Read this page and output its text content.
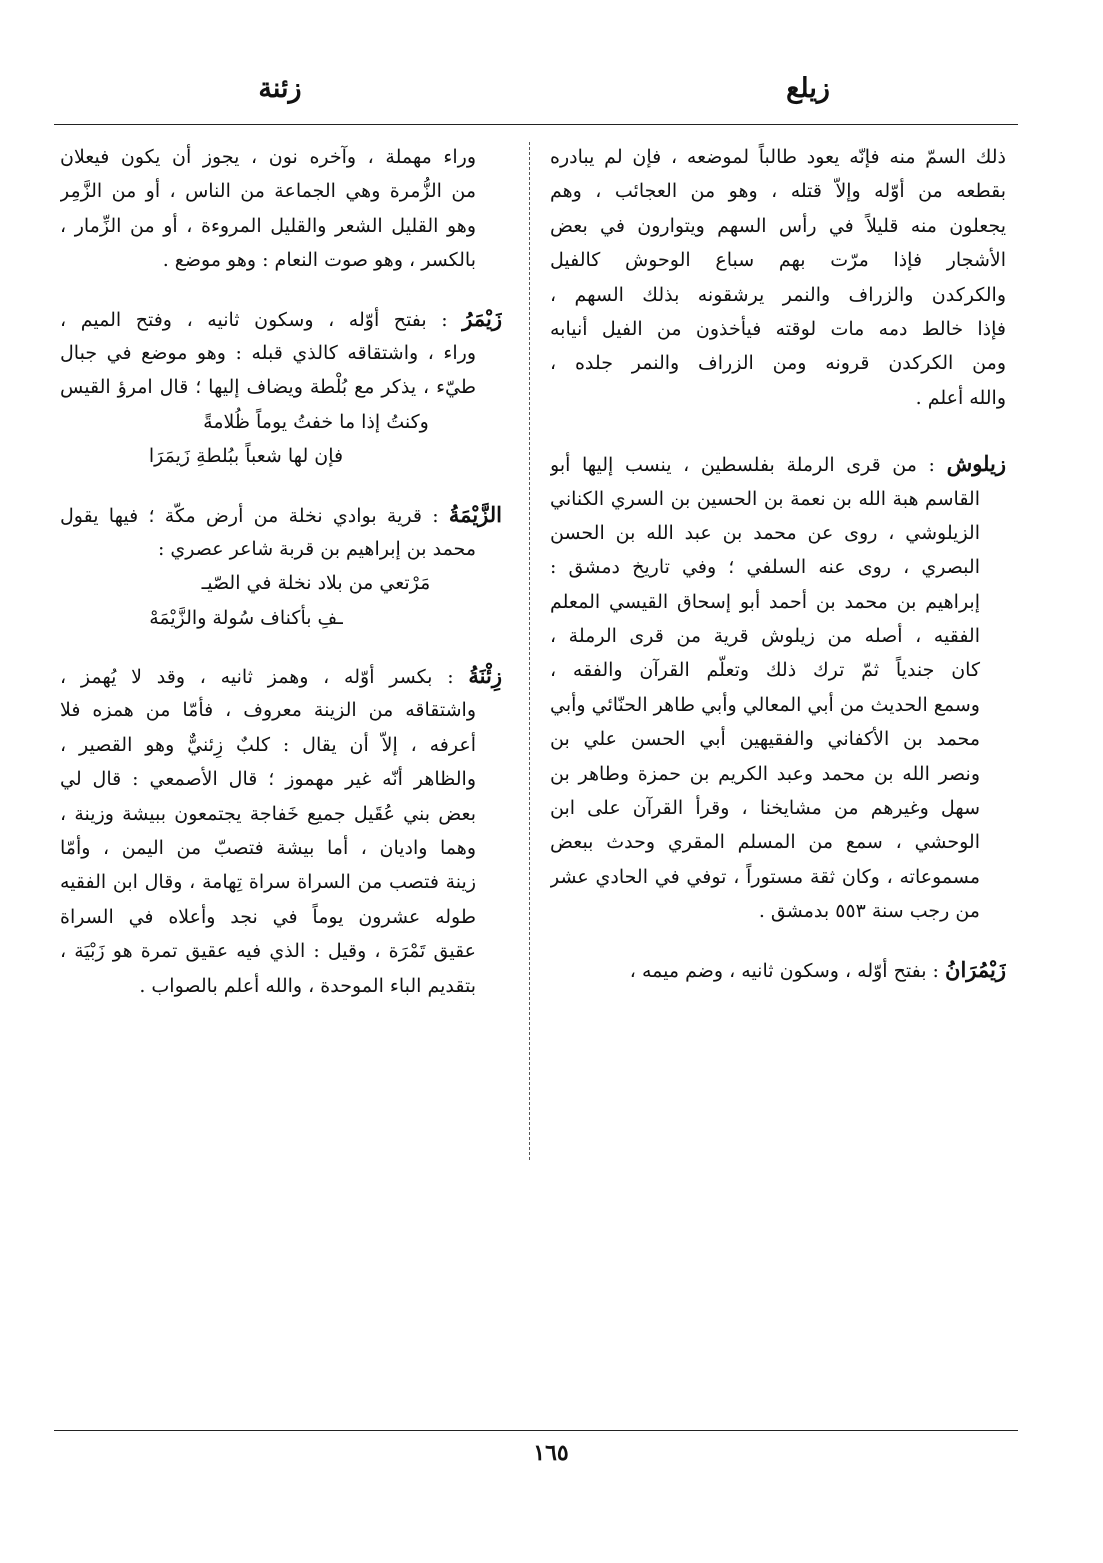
زيلع
زئنة
ذلك السمّ منه فإنّه يعود طالباً لموضعه ، فإن لم يبادره
بقطعه من أوّله وإلاّ قتله ، وهو من العجائب ، وهم
يجعلون منه قليلاً في رأس السهم ويتوارون في بعض
الأشجار فإذا مرّت بهم سباع الوحوش كالفيل
والكركدن والزراف والنمر يرشقونه بذلك السهم ،
فإذا خالط دمه مات لوقته فيأخذون من الفيل أنيابه
ومن الكركدن قرونه ومن الزراف والنمر جلده ،
والله أعلم .
زيلوش : من قرى الرملة بفلسطين ، ينسب إليها أبو
القاسم هبة الله بن نعمة بن الحسين بن السري الكناني
الزيلوشي ، روى عن محمد بن عبد الله بن الحسن
البصري ، روى عنه السلفي ؛ وفي تاريخ دمشق :
إبراهيم بن محمد بن أحمد أبو إسحاق القيسي المعلم
الفقيه ، أصله من زيلوش قرية من قرى الرملة ،
كان جندياً ثمّ ترك ذلك وتعلّم القرآن والفقه ،
وسمع الحديث من أبي المعالي وأبي طاهر الحنّائي وأبي
محمد بن الأكفاني والفقيهين أبي الحسن علي بن
ونصر الله بن محمد وعبد الكريم بن حمزة وطاهر بن
سهل وغيرهم من مشايخنا ، وقرأ القرآن على ابن
الوحشي ، سمع من المسلم المقري وحدث ببعض
مسموعاته ، وكان ثقة مستوراً ، توفي في الحادي عشر
من رجب سنة ٥٥٣ بدمشق .
زَيْمُرَانُ : بفتح أوّله ، وسكون ثانيه ، وضم ميمه ،
وراء مهملة ، وآخره نون ، يجوز أن يكون فيعلان
من الزُّمرة وهي الجماعة من الناس ، أو من الزَّمِر
وهو القليل الشعر والقليل المروءة ، أو من الزِّمار ،
بالكسر ، وهو صوت النعام : وهو موضع .
زَيْمَرُ : بفتح أوّله ، وسكون ثانيه ، وفتح الميم ،
وراء ، واشتقاقه كالذي قبله : وهو موضع في جبال
طيّء ، يذكر مع بُلْطة ويضاف إليها ؛ قال امرؤ القيس
وكنتُ إذا ما خفتُ يوماً ظُلامةً
فإن لها شعباً ببُلطةِ زَيمَرَا
الزَّيْمَةُ : قرية بوادي نخلة من أرض مكّة ؛ فيها يقول
محمد بن إبراهيم بن قربة شاعر عصري :
مَرْتعي من بلاد نخلة في الصّيـ
ـفِ بأكناف سُولة والزَّيْمَهْ
زِئْنَةُ : بكسر أوّله ، وهمز ثانيه ، وقد لا يُهمز ،
واشتقاقه من الزينة معروف ، فأمّا من همزه فلا
أعرفه ، إلاّ أن يقال : كلبٌ زِئنيٌّ وهو القصير ،
والظاهر أنّه غير مهموز ؛ قال الأصمعي : قال لي
بعض بني عُقَيل جميع خَفاجة يجتمعون ببيشة وزينة ،
وهما واديان ، أما بيشة فتصبّ من اليمن ، وأمّا
زينة فتصب من السراة سراة تِهامة ، وقال ابن الفقيه
طوله عشرون يوماً في نجد وأعلاه في السراة
عقيق تَمْرَة ، وقيل : الذي فيه عقيق تمرة هو زَبْيَة ،
بتقديم الباء الموحدة ، والله أعلم بالصواب .
١٦٥
